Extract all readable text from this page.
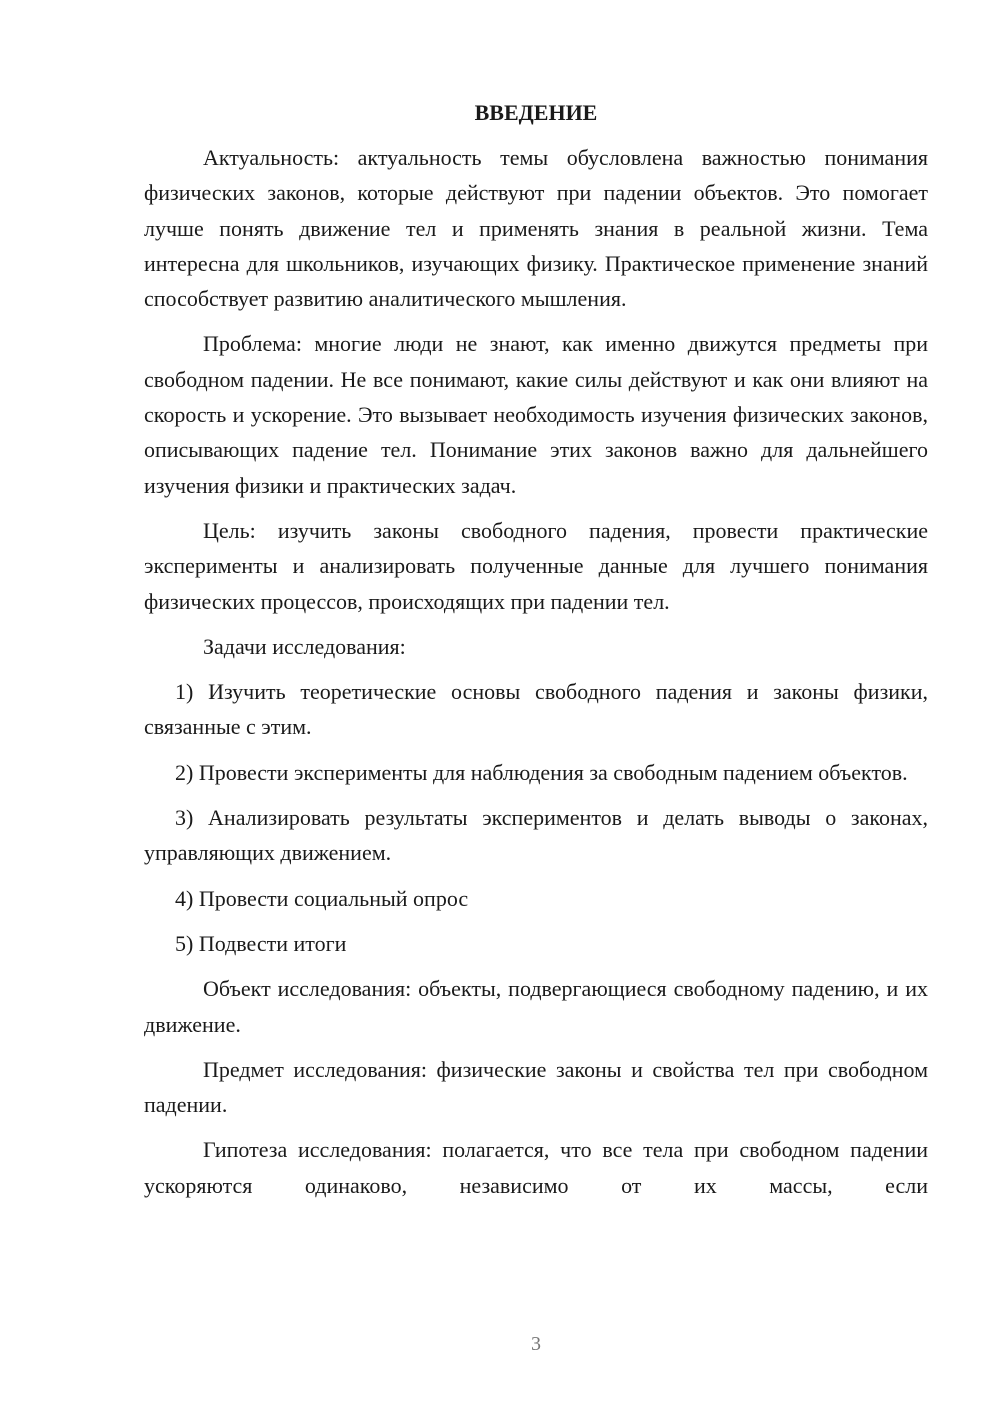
ВВЕДЕНИЕ

Актуальность: актуальность темы обусловлена важностью понимания физических законов, которые действуют при падении объектов. Это помогает лучше понять движение тел и применять знания в реальной жизни. Тема интересна для школьников, изучающих физику. Практическое применение знаний способствует развитию аналитического мышления.

Проблема: многие люди не знают, как именно движутся предметы при свободном падении. Не все понимают, какие силы действуют и как они влияют на скорость и ускорение. Это вызывает необходимость изучения физических законов, описывающих падение тел. Понимание этих законов важно для дальнейшего изучения физики и практических задач.

Цель: изучить законы свободного падения, провести практические эксперименты и анализировать полученные данные для лучшего понимания физических процессов, происходящих при падении тел.

Задачи исследования:

1) Изучить теоретические основы свободного падения и законы физики, связанные с этим.

2) Провести эксперименты для наблюдения за свободным падением объектов.

3) Анализировать результаты экспериментов и делать выводы о законах, управляющих движением.

4) Провести социальный опрос

5) Подвести итоги

Объект исследования: объекты, подвергающиеся свободному падению, и их движение.

Предмет исследования: физические законы и свойства тел при свободном падении.

Гипотеза исследования: полагается, что все тела при свободном падении ускоряются одинаково, независимо от их массы, если

3
